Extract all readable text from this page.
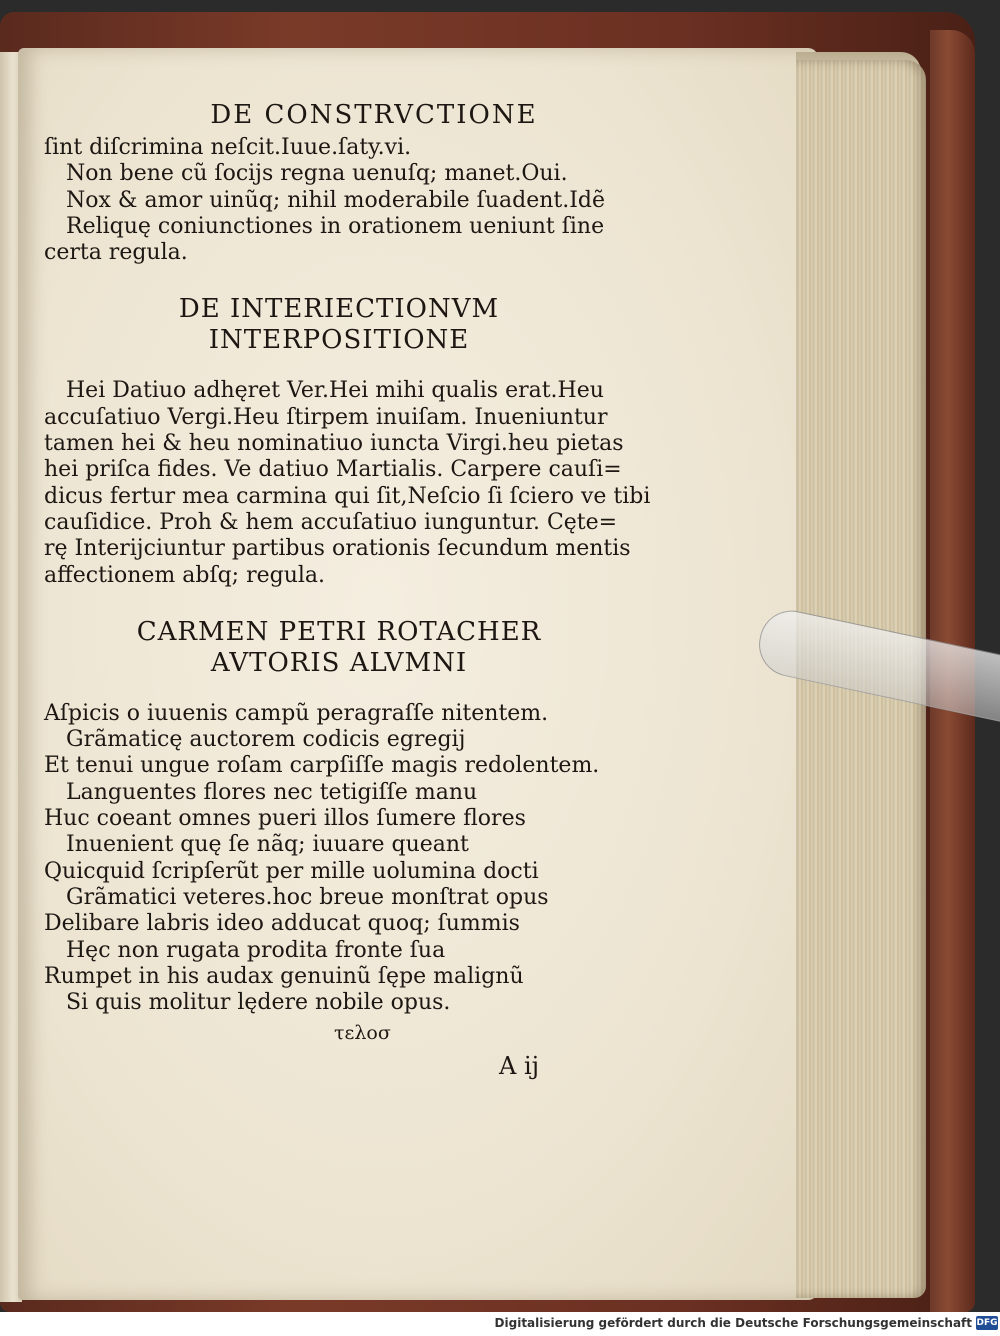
DE CONSTRVCTIONE

ſint diſcrimina neſcit.Iuue.ſaty.vi.

Non bene cũ ſocijs regna uenuſq; manet.Oui.

Nox & amor uinũq; nihil moderabile ſuadent.Idẽ

Reliquę coniunctiones in orationem ueniunt ſine

certa regula.

DE INTERIECTIONVM

INTERPOSITIONE

Hei Datiuo adhęret Ver.Hei mihi qualis erat.Heu

accuſatiuo Vergi.Heu ſtirpem inuiſam. Inueniuntur

tamen hei & heu nominatiuo iuncta Virgi.heu pietas

hei priſca fides. Ve datiuo Martialis. Carpere cauſi=

dicus fertur mea carmina qui ſit,Neſcio ſi ſciero ve tibi

cauſidice. Proh & hem accuſatiuo iunguntur. Cęte=

rę Interijciuntur partibus orationis ſecundum mentis

affectionem abſq; regula.

CARMEN PETRI ROTACHER

AVTORIS ALVMNI

Aſpicis o iuuenis campũ peragraſſe nitentem.

Grãmaticę auctorem codicis egregij

Et tenui ungue roſam carpſiſſe magis redolentem.

Languentes flores nec tetigiſſe manu

Huc coeant omnes pueri illos ſumere flores

Inuenient quę ſe nãq; iuuare queant

Quicquid ſcripſerũt per mille uolumina docti

Grãmatici veteres.hoc breue monſtrat opus

Delibare labris ideo adducat quoq; ſummis

Hęc non rugata prodita fronte ſua

Rumpet in his audax genuinũ ſępe malignũ

Si quis molitur lędere nobile opus.

τελοσ

A ij

Digitalisierung gefördert durch die Deutsche Forschungsgemeinschaft DFG
